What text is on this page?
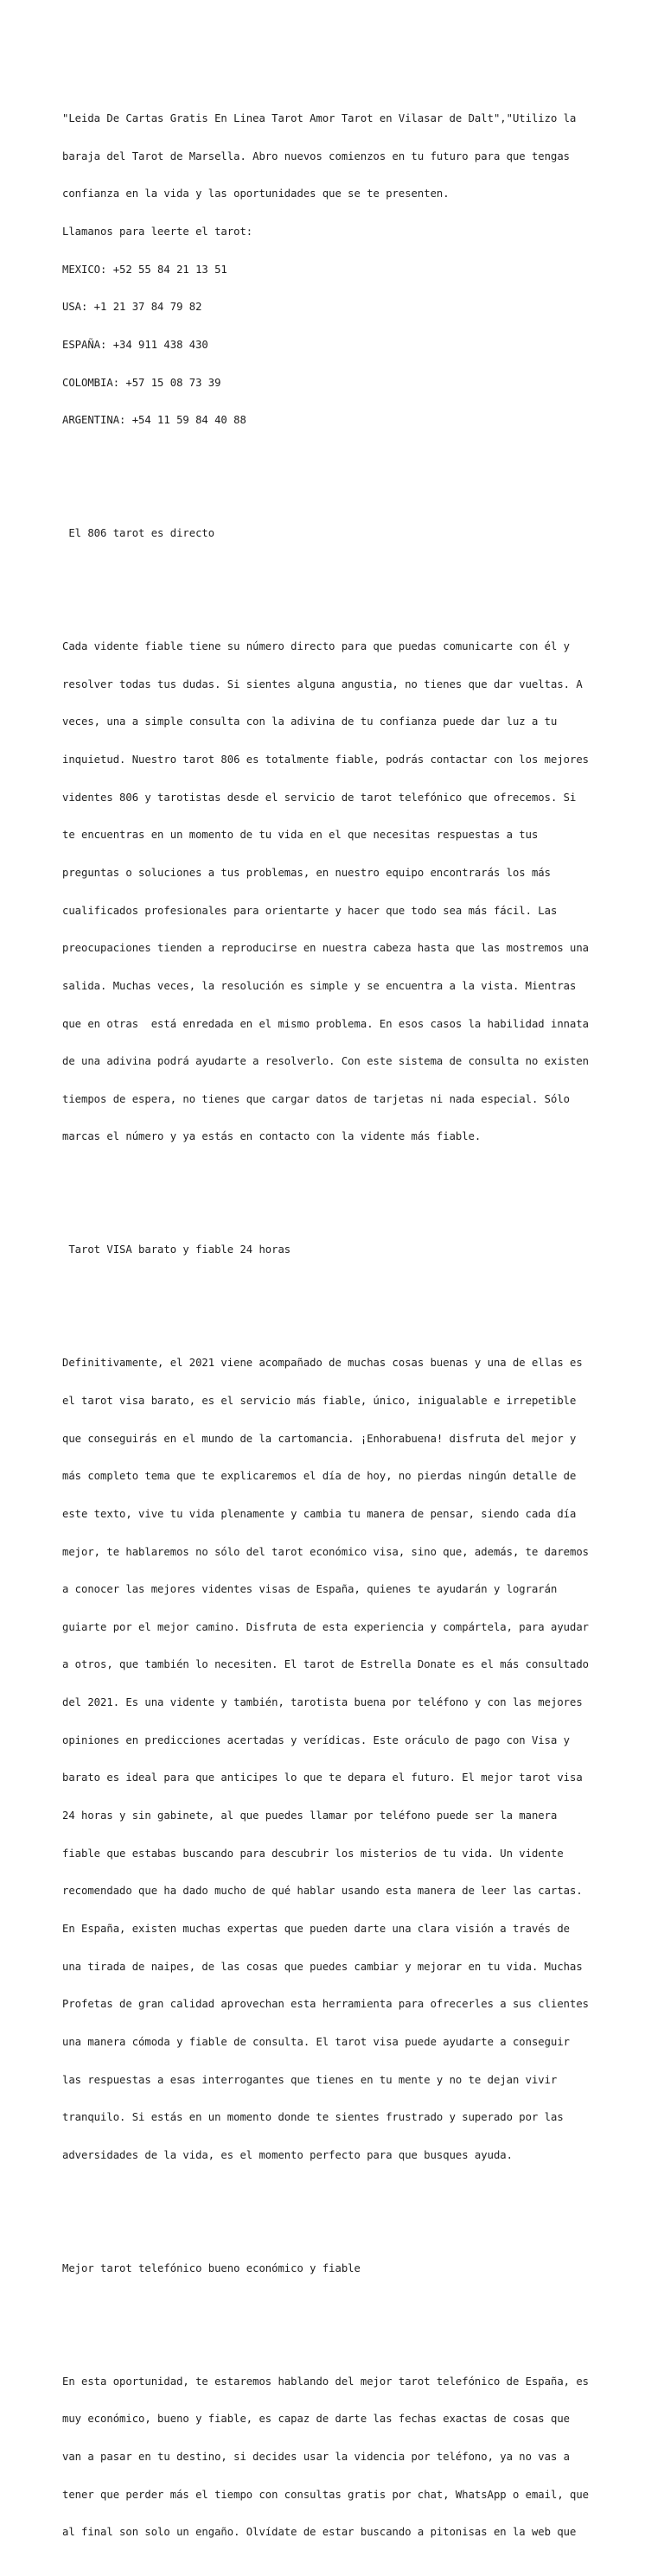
"Leida De Cartas Gratis En Linea Tarot Amor Tarot en Vilasar de Dalt","Utilizo la

baraja del Tarot de Marsella. Abro nuevos comienzos en tu futuro para que tengas

confianza en la vida y las oportunidades que se te presenten.

Llamanos para leerte el tarot:

MEXICO: +52 55 84 21 13 51

USA: +1 21 37 84 79 82

ESPAÑA: +34 911 438 430

COLOMBIA: +57 15 08 73 39

ARGENTINA: +54 11 59 84 40 88

El 806 tarot es directo

Cada vidente fiable tiene su número directo para que puedas comunicarte con él y

resolver todas tus dudas. Si sientes alguna angustia, no tienes que dar vueltas. A

veces, una a simple consulta con la adivina de tu confianza puede dar luz a tu

inquietud. Nuestro tarot 806 es totalmente fiable, podrás contactar con los mejores

videntes 806 y tarotistas desde el servicio de tarot telefónico que ofrecemos. Si

te encuentras en un momento de tu vida en el que necesitas respuestas a tus

preguntas o soluciones a tus problemas, en nuestro equipo encontrarás los más

cualificados profesionales para orientarte y hacer que todo sea más fácil. Las

preocupaciones tienden a reproducirse en nuestra cabeza hasta que las mostremos una

salida. Muchas veces, la resolución es simple y se encuentra a la vista. Mientras

que en otras  está enredada en el mismo problema. En esos casos la habilidad innata

de una adivina podrá ayudarte a resolverlo. Con este sistema de consulta no existen

tiempos de espera, no tienes que cargar datos de tarjetas ni nada especial. Sólo

marcas el número y ya estás en contacto con la vidente más fiable.

Tarot VISA barato y fiable 24 horas

Definitivamente, el 2021 viene acompañado de muchas cosas buenas y una de ellas es

el tarot visa barato, es el servicio más fiable, único, inigualable e irrepetible

que conseguirás en el mundo de la cartomancia. ¡Enhorabuena! disfruta del mejor y

más completo tema que te explicaremos el día de hoy, no pierdas ningún detalle de

este texto, vive tu vida plenamente y cambia tu manera de pensar, siendo cada día

mejor, te hablaremos no sólo del tarot económico visa, sino que, además, te daremos

a conocer las mejores videntes visas de España, quienes te ayudarán y lograrán

guiarte por el mejor camino. Disfruta de esta experiencia y compártela, para ayudar

a otros, que también lo necesiten. El tarot de Estrella Donate es el más consultado

del 2021. Es una vidente y también, tarotista buena por teléfono y con las mejores

opiniones en predicciones acertadas y verídicas. Este oráculo de pago con Visa y

barato es ideal para que anticipes lo que te depara el futuro. El mejor tarot visa

24 horas y sin gabinete, al que puedes llamar por teléfono puede ser la manera

fiable que estabas buscando para descubrir los misterios de tu vida. Un vidente

recomendado que ha dado mucho de qué hablar usando esta manera de leer las cartas.

En España, existen muchas expertas que pueden darte una clara visión a través de

una tirada de naipes, de las cosas que puedes cambiar y mejorar en tu vida. Muchas

Profetas de gran calidad aprovechan esta herramienta para ofrecerles a sus clientes

una manera cómoda y fiable de consulta. El tarot visa puede ayudarte a conseguir

las respuestas a esas interrogantes que tienes en tu mente y no te dejan vivir

tranquilo. Si estás en un momento donde te sientes frustrado y superado por las

adversidades de la vida, es el momento perfecto para que busques ayuda.

Mejor tarot telefónico bueno económico y fiable

En esta oportunidad, te estaremos hablando del mejor tarot telefónico de España, es

muy económico, bueno y fiable, es capaz de darte las fechas exactas de cosas que

van a pasar en tu destino, si decides usar la videncia por teléfono, ya no vas a

tener que perder más el tiempo con consultas gratis por chat, WhatsApp o email, que

al final son solo un engaño. Olvídate de estar buscando a pitonisas en la web que
